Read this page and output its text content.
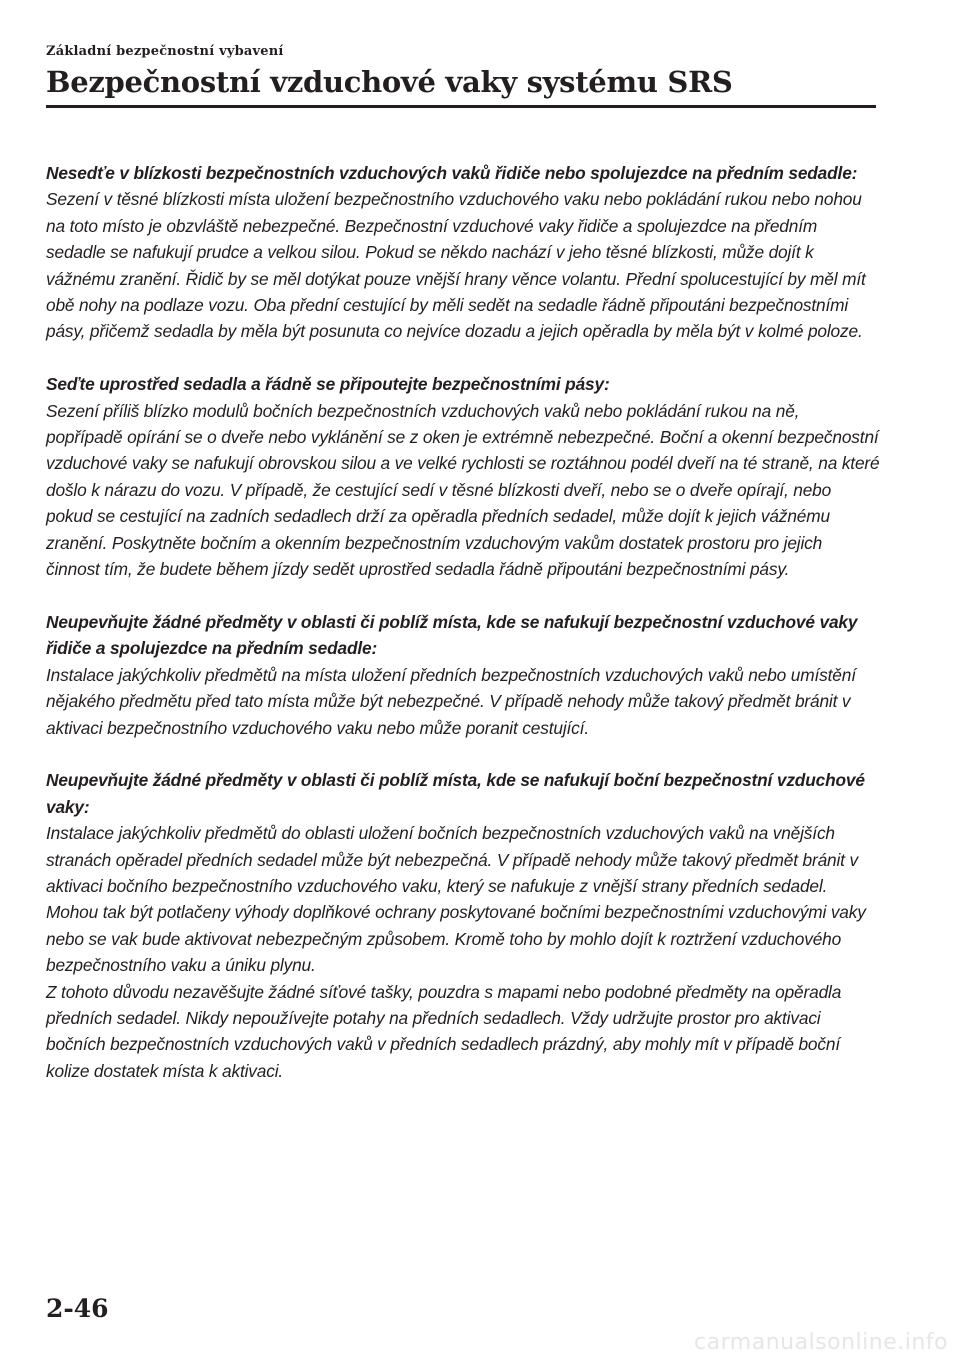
Základní bezpečnostní vybavení
Bezpečnostní vzduchové vaky systému SRS

Nesedťe v blízkosti bezpečnostních vzduchových vaků řidiče nebo spolujezdce na předním sedadle:

Sezení v těsné blízkosti místa uložení bezpečnostního vzduchového vaku nebo pokládání rukou nebo nohou na toto místo je obzvláště nebezpečné. Bezpečnostní vzduchové vaky řidiče a spolujezdce na předním sedadle se nafukují prudce a velkou silou. Pokud se někdo nachází v jeho těsné blízkosti, může dojít k vážnému zranění. Řidič by se měl dotýkat pouze vnější hrany věnce volantu. Přední spolucestující by měl mít obě nohy na podlaze vozu. Oba přední cestující by měli sedět na sedadle řádně připoutáni bezpečnostními pásy, přičemž sedadla by měla být posunuta co nejvíce dozadu a jejich opěradla by měla být v kolmé poloze.

Seďte uprostřed sedadla a řádně se připoutejte bezpečnostními pásy:

Sezení příliš blízko modulů bočních bezpečnostních vzduchových vaků nebo pokládání rukou na ně, popřípadě opírání se o dveře nebo vyklánění se z oken je extrémně nebezpečné. Boční a okenní bezpečnostní vzduchové vaky se nafukují obrovskou silou a ve velké rychlosti se roztáhnou podél dveří na té straně, na které došlo k nárazu do vozu. V případě, že cestující sedí v těsné blízkosti dveří, nebo se o dveře opírají, nebo pokud se cestující na zadních sedadlech drží za opěradla předních sedadel, může dojít k jejich vážnému zranění. Poskytněte bočním a okenním bezpečnostním vzduchovým vakům dostatek prostoru pro jejich činnost tím, že budete během jízdy sedět uprostřed sedadla řádně připoutáni bezpečnostními pásy.

Neupevňujte žádné předměty v oblasti či poblíž místa, kde se nafukují bezpečnostní vzduchové vaky řidiče a spolujezdce na předním sedadle:

Instalace jakýchkoliv předmětů na místa uložení předních bezpečnostních vzduchových vaků nebo umístění nějakého předmětu před tato místa může být nebezpečné. V případě nehody může takový předmět bránit v aktivaci bezpečnostního vzduchového vaku nebo může poranit cestující.

Neupevňujte žádné předměty v oblasti či poblíž místa, kde se nafukují boční bezpečnostní vzduchové vaky:

Instalace jakýchkoliv předmětů do oblasti uložení bočních bezpečnostních vzduchových vaků na vnějších stranách opěradel předních sedadel může být nebezpečná. V případě nehody může takový předmět bránit v aktivaci bočního bezpečnostního vzduchového vaku, který se nafukuje z vnější strany předních sedadel. Mohou tak být potlačeny výhody doplňkové ochrany poskytované bočními bezpečnostními vzduchovými vaky nebo se vak bude aktivovat nebezpečným způsobem. Kromě toho by mohlo dojít k roztržení vzduchového bezpečnostního vaku a úniku plynu.

Z tohoto důvodu nezavěšujte žádné síťové tašky, pouzdra s mapami nebo podobné předměty na opěradla předních sedadel. Nikdy nepoužívejte potahy na předních sedadlech. Vždy udržujte prostor pro aktivaci bočních bezpečnostních vzduchových vaků v předních sedadlech prázdný, aby mohly mít v případě boční kolize dostatek místa k aktivaci.

2-46
carmanualsonline.info
